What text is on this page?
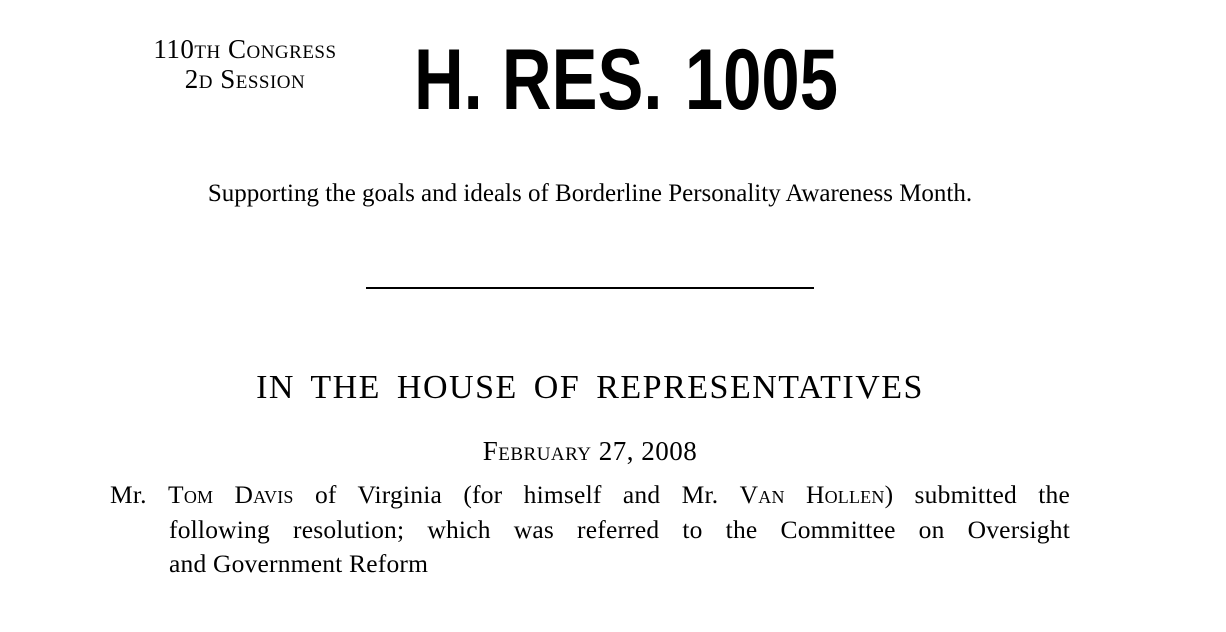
110th Congress
2d Session	H. RES. 1005
Supporting the goals and ideals of Borderline Personality Awareness Month.
IN THE HOUSE OF REPRESENTATIVES
February 27, 2008
Mr. Tom Davis of Virginia (for himself and Mr. Van Hollen) submitted the
following resolution; which was referred to the Committee on Oversight
and Government Reform
